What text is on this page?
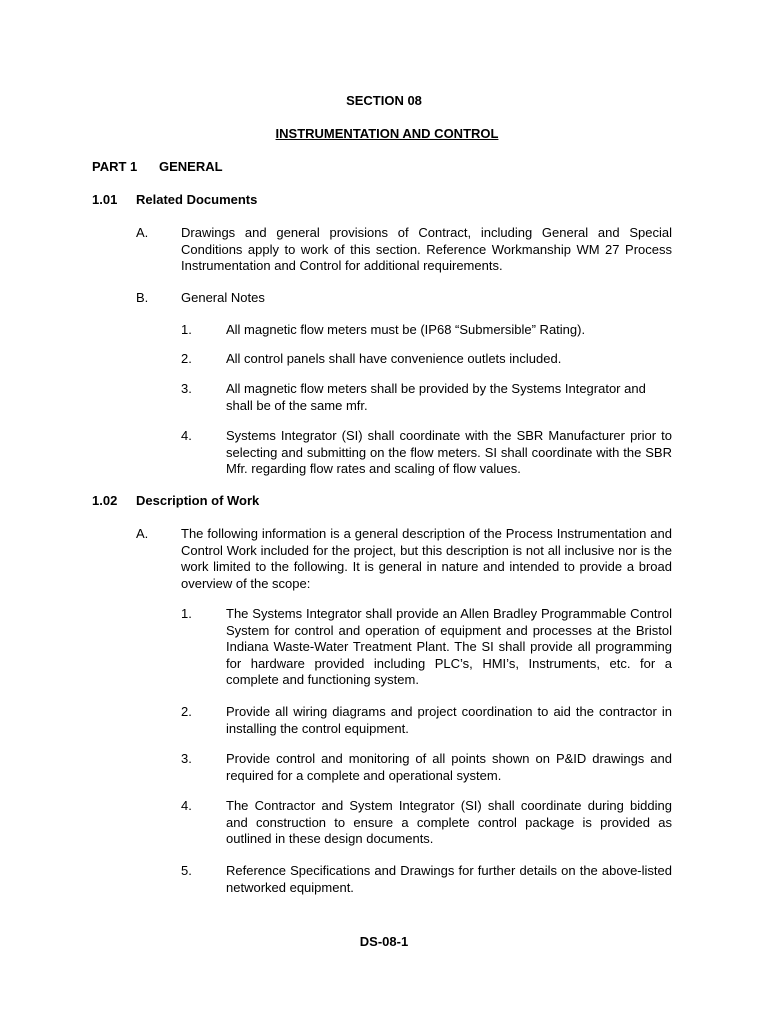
SECTION 08
INSTRUMENTATION AND CONTROL
PART 1 GENERAL
1.01 Related Documents
A.	Drawings and general provisions of Contract, including General and Special Conditions apply to work of this section. Reference Workmanship WM 27 Process Instrumentation and Control for additional requirements.
B.	General Notes
1.	All magnetic flow meters must be (IP68 “Submersible” Rating).
2.	All control panels shall have convenience outlets included.
3.	All magnetic flow meters shall be provided by the Systems Integrator and shall be of the same mfr.
4.	Systems Integrator (SI) shall coordinate with the SBR Manufacturer prior to selecting and submitting on the flow meters. SI shall coordinate with the SBR Mfr. regarding flow rates and scaling of flow values.
1.02 Description of Work
A.	The following information is a general description of the Process Instrumentation and Control Work included for the project, but this description is not all inclusive nor is the work limited to the following. It is general in nature and intended to provide a broad overview of the scope:
1.	The Systems Integrator shall provide an Allen Bradley Programmable Control System for control and operation of equipment and processes at the Bristol Indiana Waste-Water Treatment Plant. The SI shall provide all programming for hardware provided including PLC’s, HMI’s, Instruments, etc. for a complete and functioning system.
2.	Provide all wiring diagrams and project coordination to aid the contractor in installing the control equipment.
3.	Provide control and monitoring of all points shown on P&ID drawings and required for a complete and operational system.
4.	The Contractor and System Integrator (SI) shall coordinate during bidding and construction to ensure a complete control package is provided as outlined in these design documents.
5.	Reference Specifications and Drawings for further details on the above-listed networked equipment.
DS-08-1
